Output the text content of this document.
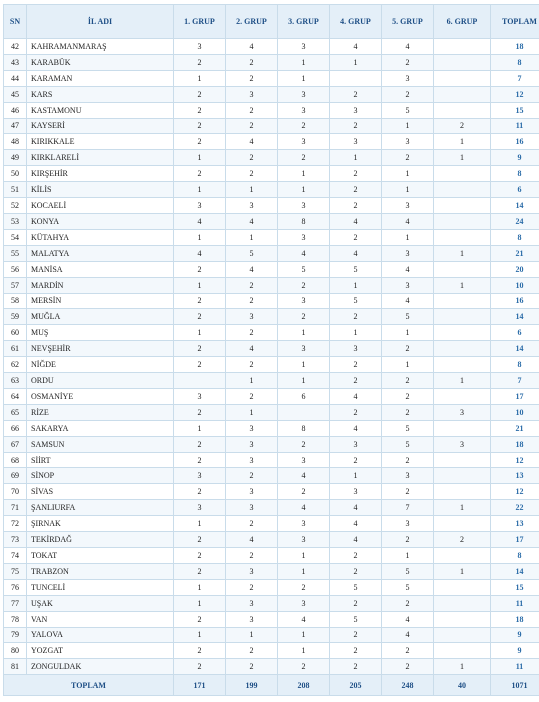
SN	İL ADI	1. GRUP	2. GRUP	3. GRUP	4. GRUP	5. GRUP	6. GRUP	TOPLAM
42	KAHRAMANMARAŞ	3	4	3	4	4		18
43	KARABÜK	2	2	1	1	2		8
44	KARAMAN	1	2	1		3		7
45	KARS	2	3	3	2	2		12
46	KASTAMONU	2	2	3	3	5		15
47	KAYSERİ	2	2	2	2	1	2	11
48	KIRIKKALE	2	4	3	3	3	1	16
49	KIRKLARELİ	1	2	2	1	2	1	9
50	KIRŞEHİR	2	2	1	2	1		8
51	KİLİS	1	1	1	2	1		6
52	KOCAELİ	3	3	3	2	3		14
53	KONYA	4	4	8	4	4		24
54	KÜTAHYA	1	1	3	2	1		8
55	MALATYA	4	5	4	4	3	1	21
56	MANİSA	2	4	5	5	4		20
57	MARDİN	1	2	2	1	3	1	10
58	MERSİN	2	2	3	5	4		16
59	MUĞLA	2	3	2	2	5		14
60	MUŞ	1	2	1	1	1		6
61	NEVŞEHİR	2	4	3	3	2		14
62	NİĞDE	2	2	1	2	1		8
63	ORDU		1	1	2	2	1	7
64	OSMANİYE	3	2	6	4	2		17
65	RİZE	2	1		2	2	3	10
66	SAKARYA	1	3	8	4	5		21
67	SAMSUN	2	3	2	3	5	3	18
68	SİİRT	2	3	3	2	2		12
69	SİNOP	3	2	4	1	3		13
70	SİVAS	2	3	2	3	2		12
71	ŞANLIURFA	3	3	4	4	7	1	22
72	ŞIRNAK	1	2	3	4	3		13
73	TEKİRDAĞ	2	4	3	4	2	2	17
74	TOKAT	2	2	1	2	1		8
75	TRABZON	2	3	1	2	5	1	14
76	TUNCELİ	1	2	2	5	5		15
77	UŞAK	1	3	3	2	2		11
78	VAN	2	3	4	5	4		18
79	YALOVA	1	1	1	2	4		9
80	YOZGAT	2	2	1	2	2		9
81	ZONGULDAK	2	2	2	2	2	1	11
TOPLAM		171	199	208	205	248	40	1071
